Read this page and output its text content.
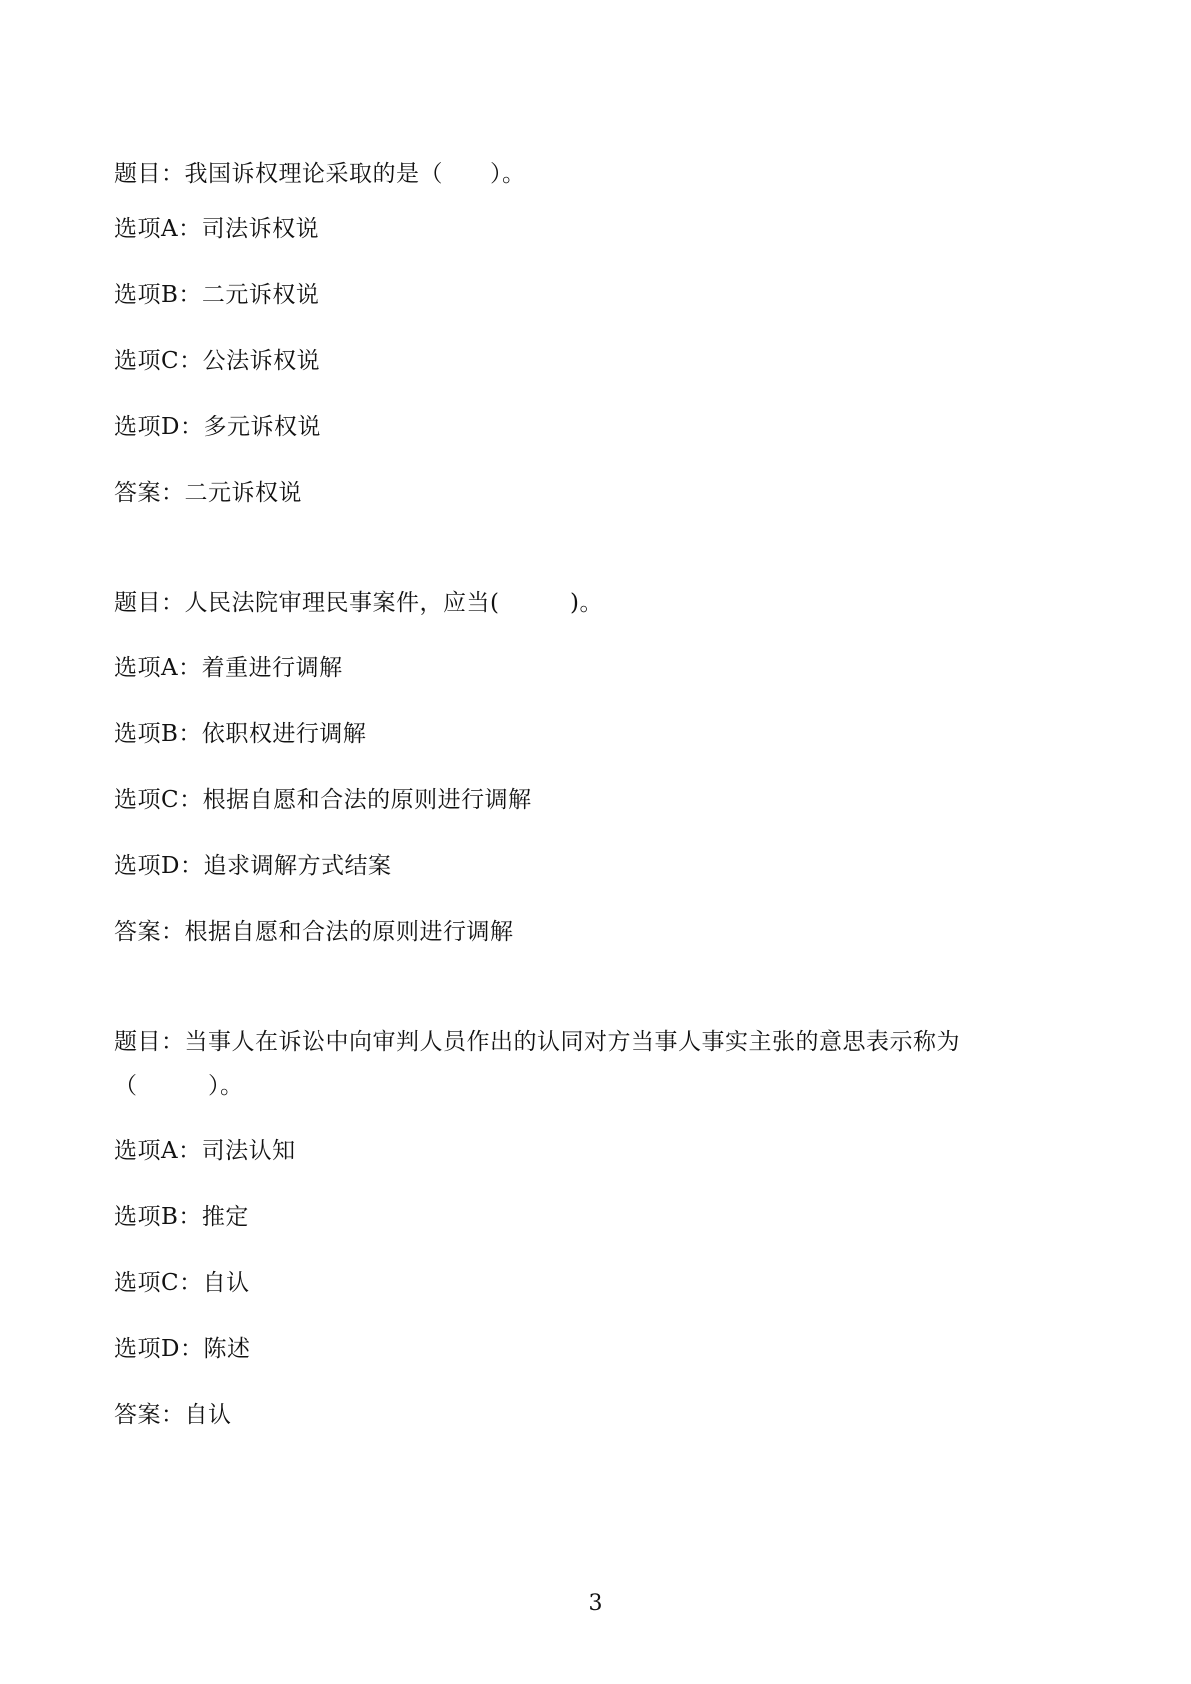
题目：我国诉权理论采取的是（　　）。
选项A：司法诉权说
选项B：二元诉权说
选项C：公法诉权说
选项D：多元诉权说
答案：二元诉权说
题目：人民法院审理民事案件，应当(　　　)。
选项A：着重进行调解
选项B：依职权进行调解
选项C：根据自愿和合法的原则进行调解
选项D：追求调解方式结案
答案：根据自愿和合法的原则进行调解
题目：当事人在诉讼中向审判人员作出的认同对方当事人事实主张的意思表示称为
（　　　）。
选项A：司法认知
选项B：推定
选项C：自认
选项D：陈述
答案：自认
3
